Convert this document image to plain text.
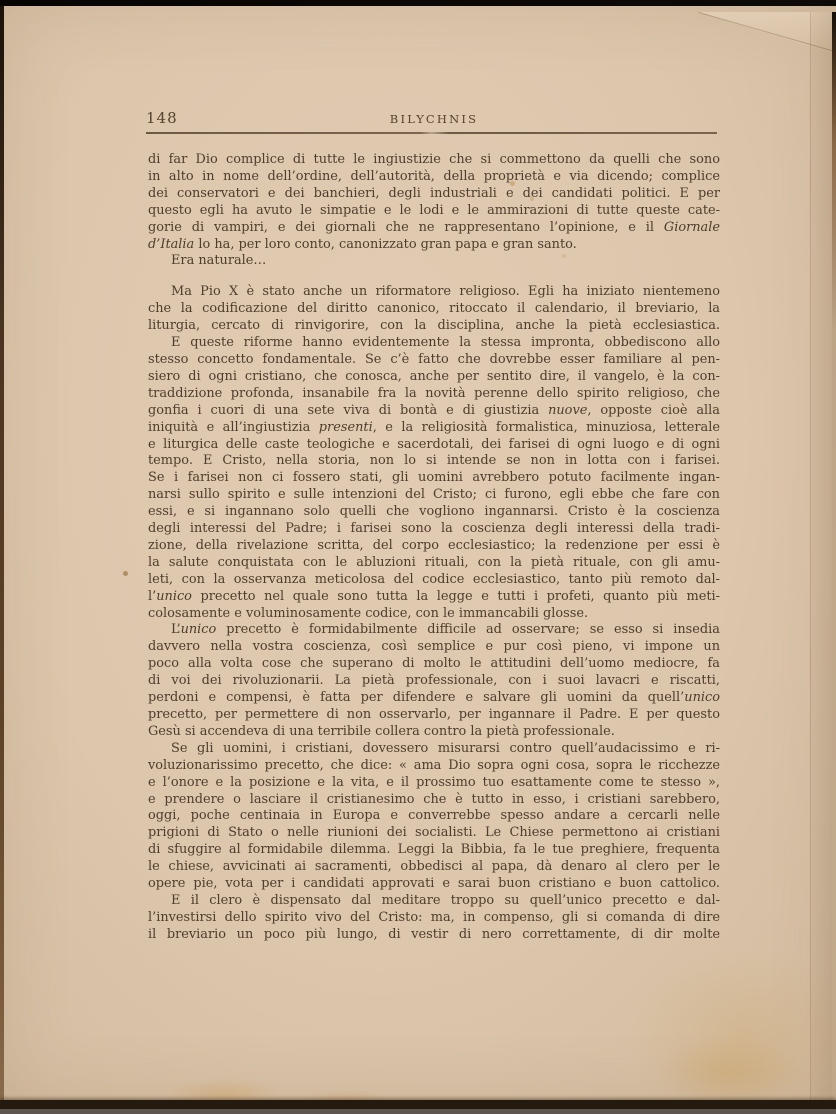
148	BILYCHNIS
di far Dio complice di tutte le ingiustizie che si commettono da quelli che sono
in alto in nome dell’ordine, dell’autorità, della proprietà e via dicendo; complice
dei conservatori e dei banchieri, degli industriali e dei candidati politici. E per
questo egli ha avuto le simpatie e le lodi e le ammirazioni di tutte queste cate-
gorie di vampiri, e dei giornali che ne rappresentano l’opinione, e il Giornale
d’Italia lo ha, per loro conto, canonizzato gran papa e gran santo.
Era naturale…
Ma Pio X è stato anche un riformatore religioso. Egli ha iniziato nientemeno
che la codificazione del diritto canonico, ritoccato il calendario, il breviario, la
liturgia, cercato di rinvigorire, con la disciplina, anche la pietà ecclesiastica.
E queste riforme hanno evidentemente la stessa impronta, obbediscono allo
stesso concetto fondamentale. Se c’è fatto che dovrebbe esser familiare al pen-
siero di ogni cristiano, che conosca, anche per sentito dire, il vangelo, è la con-
traddizione profonda, insanabile fra la novità perenne dello spirito religioso, che
gonfia i cuori di una sete viva di bontà e di giustizia nuove, opposte cioè alla
iniquità e all’ingiustizia presenti, e la religiosità formalistica, minuziosa, letterale
e liturgica delle caste teologiche e sacerdotali, dei farisei di ogni luogo e di ogni
tempo. E Cristo, nella storia, non lo si intende se non in lotta con i farisei.
Se i farisei non ci fossero stati, gli uomini avrebbero potuto facilmente ingan-
narsi sullo spirito e sulle intenzioni del Cristo; ci furono, egli ebbe che fare con
essi, e si ingannano solo quelli che vogliono ingannarsi. Cristo è la coscienza
degli interessi del Padre; i farisei sono la coscienza degli interessi della tradi-
zione, della rivelazione scritta, del corpo ecclesiastico; la redenzione per essi è
la salute conquistata con le abluzioni rituali, con la pietà rituale, con gli amu-
leti, con la osservanza meticolosa del codice ecclesiastico, tanto più remoto dal-
l’unico precetto nel quale sono tutta la legge e tutti i profeti, quanto più meti-
colosamente e voluminosamente codice, con le immancabili glosse.
L’unico precetto è formidabilmente difficile ad osservare; se esso si insedia
davvero nella vostra coscienza, così semplice e pur così pieno, vi impone un
poco alla volta cose che superano di molto le attitudini dell’uomo mediocre, fa
di voi dei rivoluzionarii. La pietà professionale, con i suoi lavacri e riscatti,
perdoni e compensi, è fatta per difendere e salvare gli uomini da quell’unico
precetto, per permettere di non osservarlo, per ingannare il Padre. E per questo
Gesù si accendeva di una terribile collera contro la pietà professionale.
Se gli uomini, i cristiani, dovessero misurarsi contro quell’audacissimo e ri-
voluzionarissimo precetto, che dice: « ama Dio sopra ogni cosa, sopra le ricchezze
e l’onore e la posizione e la vita, e il prossimo tuo esattamente come te stesso »,
e prendere o lasciare il cristianesimo che è tutto in esso, i cristiani sarebbero,
oggi, poche centinaia in Europa e converrebbe spesso andare a cercarli nelle
prigioni di Stato o nelle riunioni dei socialisti. Le Chiese permettono ai cristiani
di sfuggire al formidabile dilemma. Leggi la Bibbia, fa le tue preghiere, frequenta
le chiese, avvicinati ai sacramenti, obbedisci al papa, dà denaro al clero per le
opere pie, vota per i candidati approvati e sarai buon cristiano e buon cattolico.
E il clero è dispensato dal meditare troppo su quell’unico precetto e dal-
l’investirsi dello spirito vivo del Cristo: ma, in compenso, gli si comanda di dire
il breviario un poco più lungo, di vestir di nero correttamente, di dir molte
